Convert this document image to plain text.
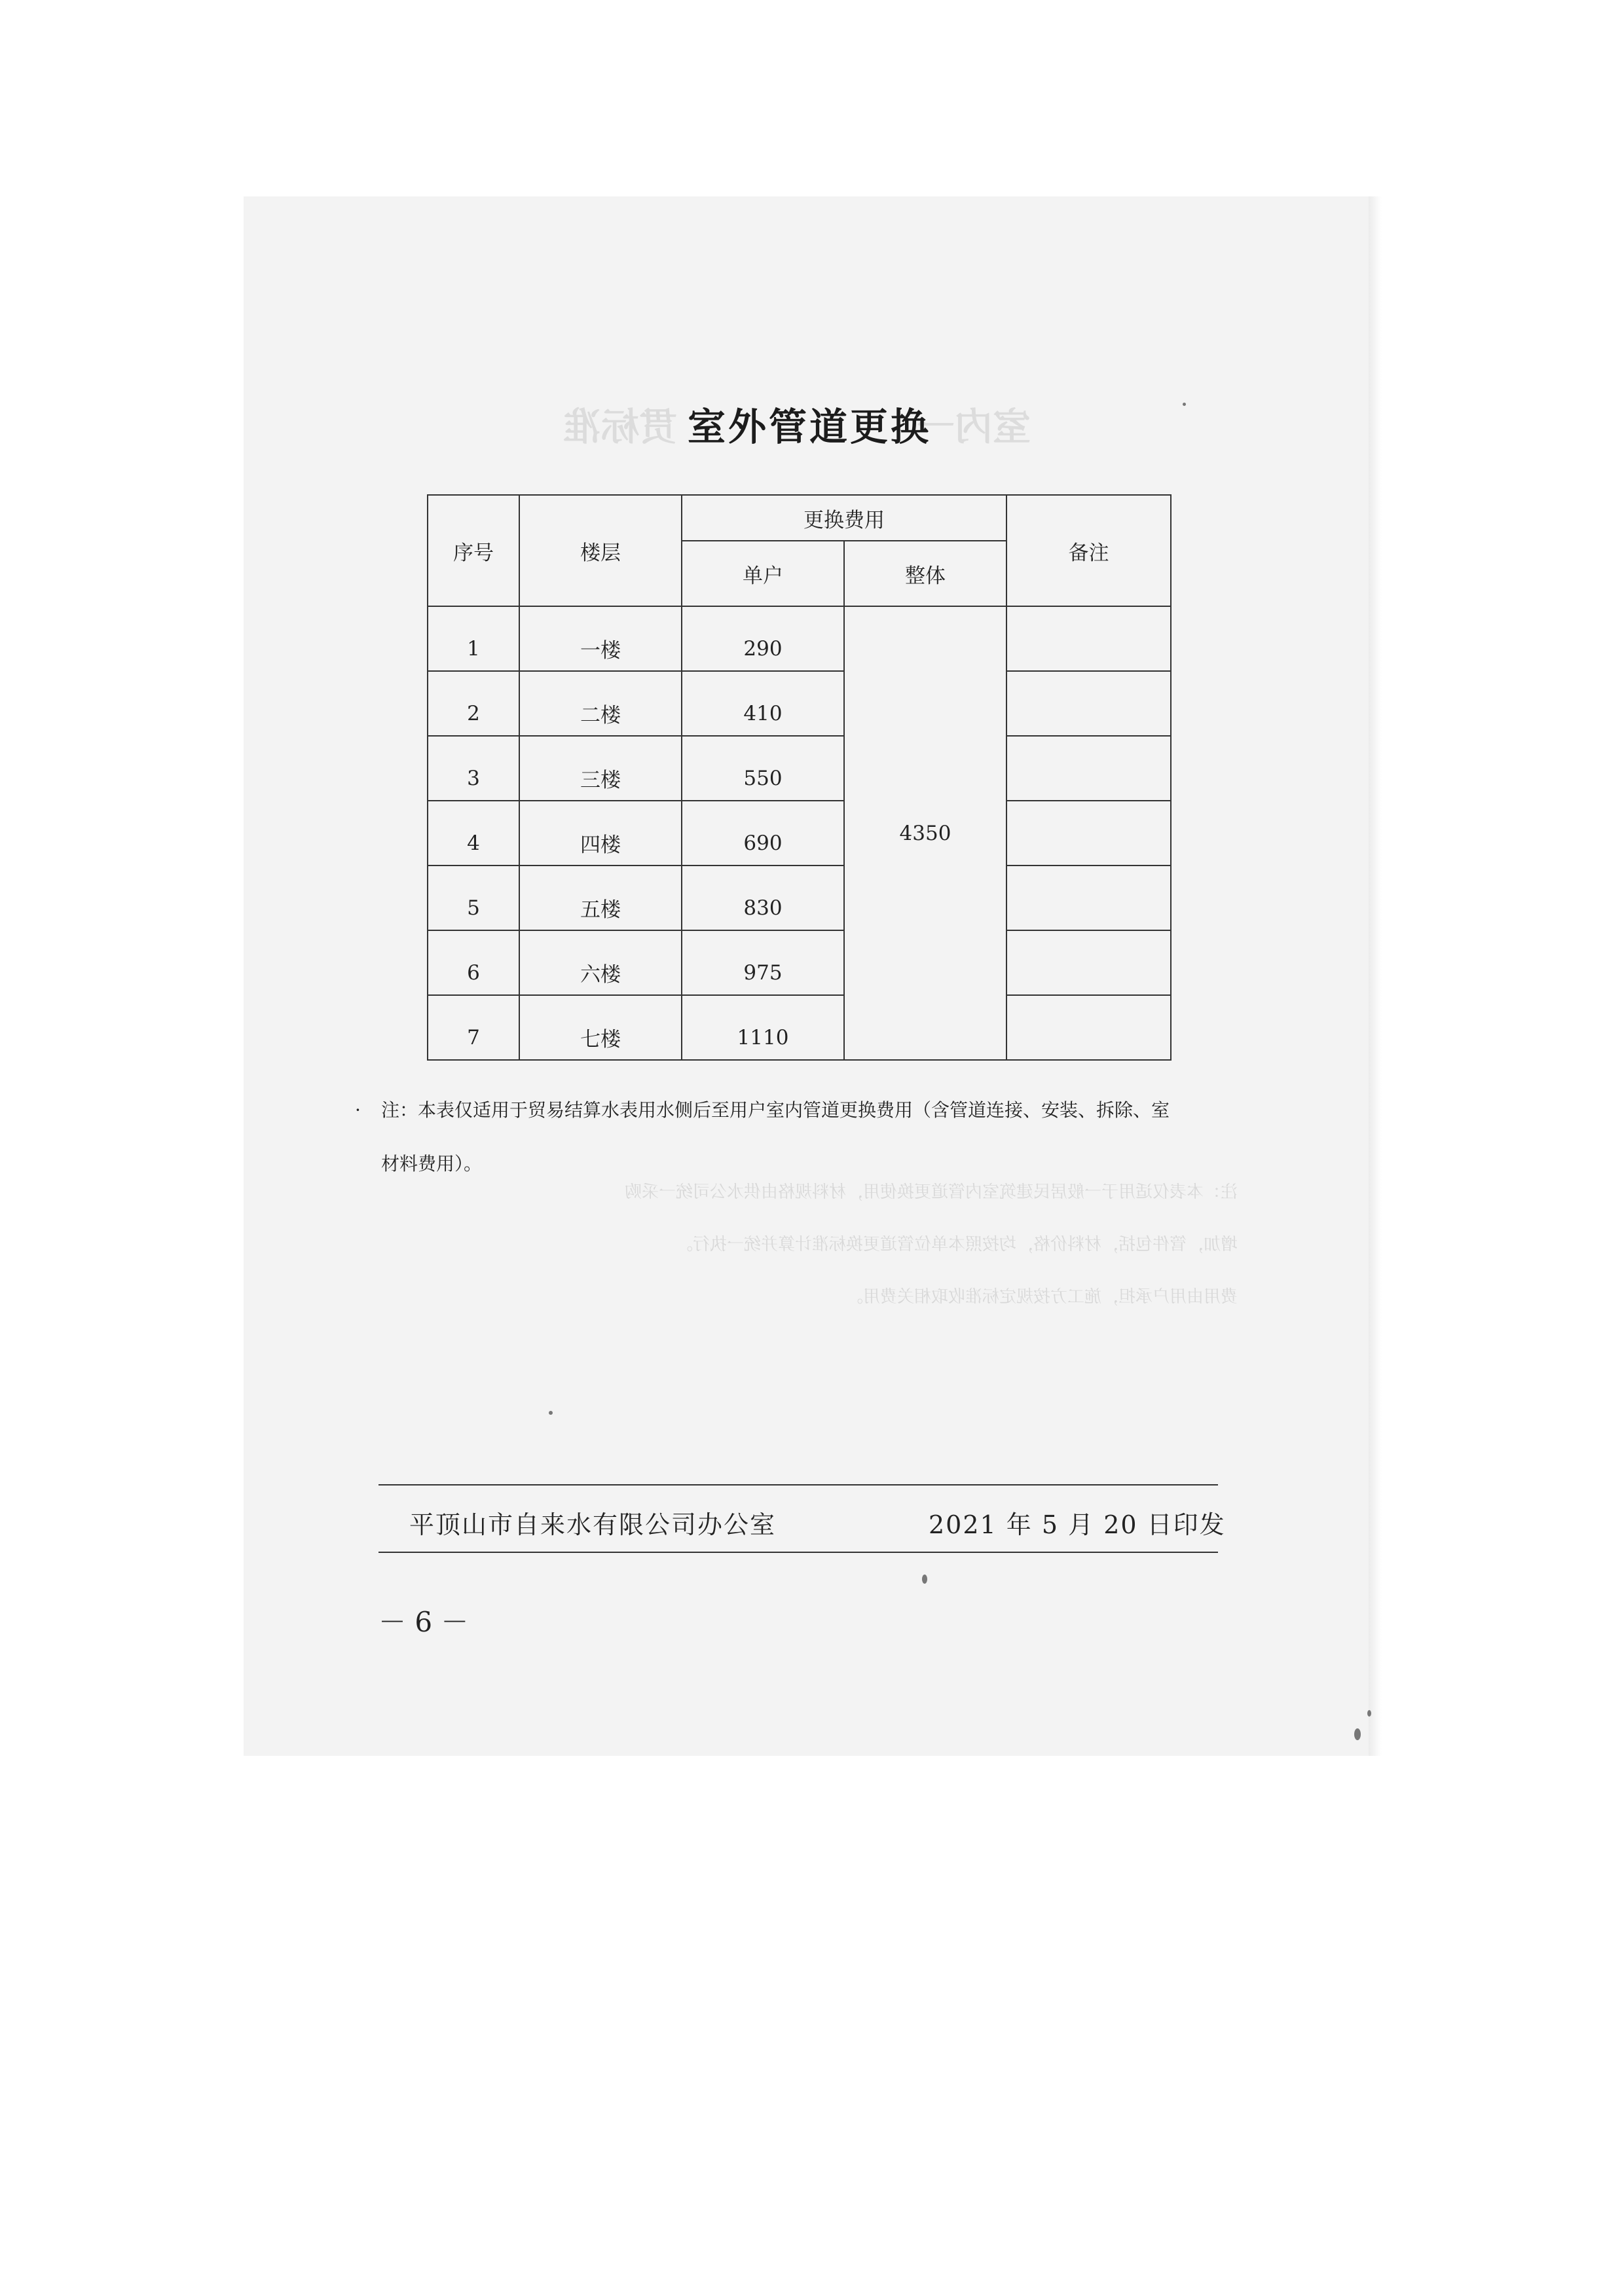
贯标准	室内一
室外管道更换
序号	楼层	更换费用		备注
		单户	整体	

1	一楼	290	4350	

2	二楼	410		

3	三楼	550		

4	四楼	690		

5	五楼	830		

6	六楼	975		

7	七楼	1110		

· 注：本表仅适用于贸易结算水表用水侧后至用户室内管道更换费用（含管道连接、安装、拆除、室
材料费用）。
注：本表仅适用于一般居民建筑室内管道更换使用，材料规格由供水公司统一采购
增加，管件包括，材料价格，均按照本单位管道更换标准计算并统一执行。
费用由用户承担，施工方按规定标准收取相关费用。
平顶山市自来水有限公司办公室	2021 年 5 月 20 日印发
－ 6 －
